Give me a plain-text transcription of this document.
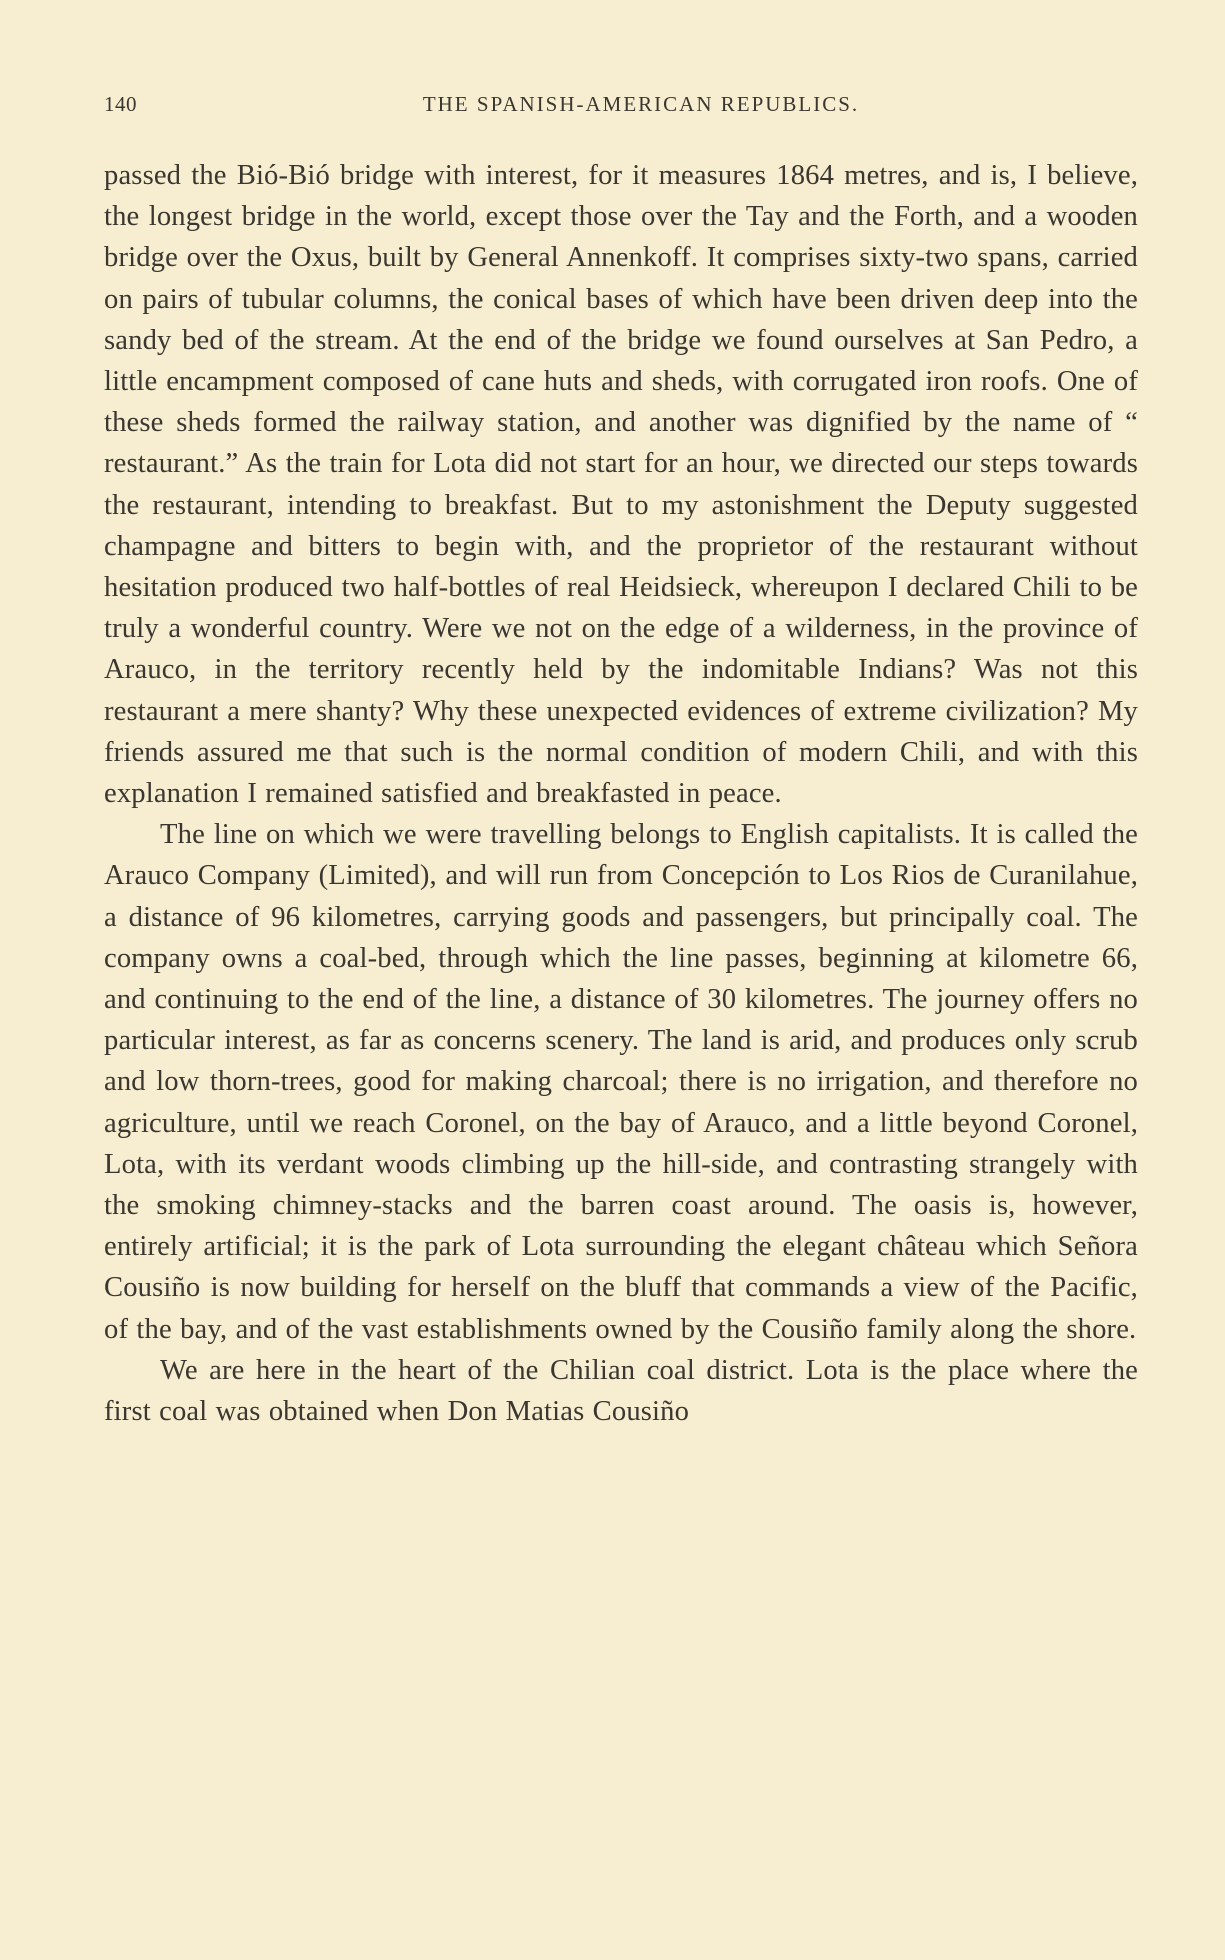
140	THE SPANISH-AMERICAN REPUBLICS.

passed the Bió-Bió bridge with interest, for it measures 1864 metres, and is, I believe, the longest bridge in the world, except those over the Tay and the Forth, and a wooden bridge over the Oxus, built by General Annenkoff. It comprises sixty-two spans, carried on pairs of tubular columns, the conical bases of which have been driven deep into the sandy bed of the stream. At the end of the bridge we found ourselves at San Pedro, a little encampment composed of cane huts and sheds, with corrugated iron roofs. One of these sheds formed the railway station, and another was dignified by the name of “ restaurant.” As the train for Lota did not start for an hour, we directed our steps towards the restaurant, intending to breakfast. But to my astonishment the Deputy suggested champagne and bitters to begin with, and the proprietor of the restaurant without hesitation produced two half-bottles of real Heidsieck, whereupon I declared Chili to be truly a wonderful country. Were we not on the edge of a wilderness, in the province of Arauco, in the territory recently held by the indomitable Indians? Was not this restaurant a mere shanty? Why these unexpected evidences of extreme civilization? My friends assured me that such is the normal condition of modern Chili, and with this explanation I remained satisfied and breakfasted in peace.

The line on which we were travelling belongs to English capitalists. It is called the Arauco Company (Limited), and will run from Concepción to Los Rios de Curanilahue, a distance of 96 kilometres, carrying goods and passengers, but principally coal. The company owns a coal-bed, through which the line passes, beginning at kilometre 66, and continuing to the end of the line, a distance of 30 kilometres. The journey offers no particular interest, as far as concerns scenery. The land is arid, and produces only scrub and low thorn-trees, good for making charcoal; there is no irrigation, and therefore no agriculture, until we reach Coronel, on the bay of Arauco, and a little beyond Coronel, Lota, with its verdant woods climbing up the hill-side, and contrasting strangely with the smoking chimney-stacks and the barren coast around. The oasis is, however, entirely artificial; it is the park of Lota surrounding the elegant château which Señora Cousiño is now building for herself on the bluff that commands a view of the Pacific, of the bay, and of the vast establishments owned by the Cousiño family along the shore.

We are here in the heart of the Chilian coal district. Lota is the place where the first coal was obtained when Don Matias Cousiño
